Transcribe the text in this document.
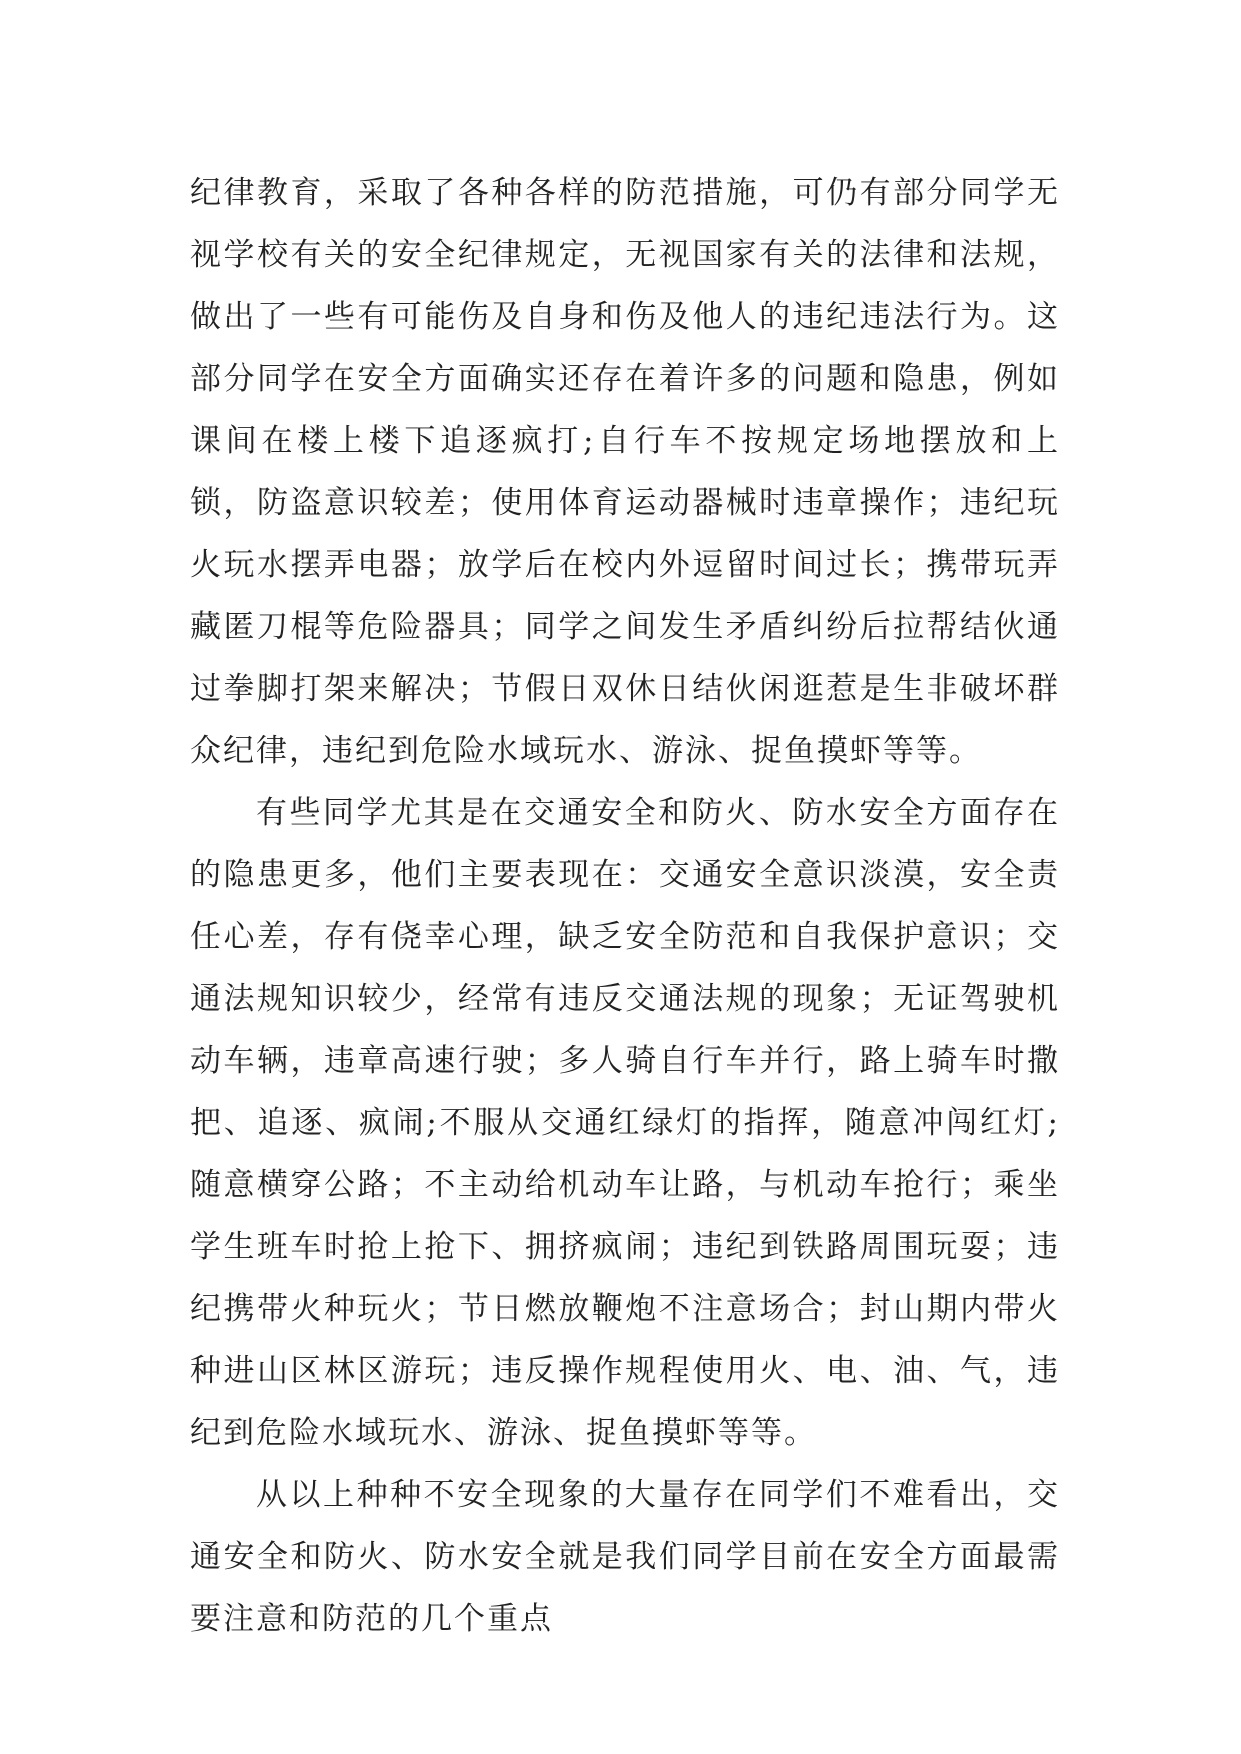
纪律教育，采取了各种各样的防范措施，可仍有部分同学无视学校有关的安全纪律规定，无视国家有关的法律和法规，做出了一些有可能伤及自身和伤及他人的违纪违法行为。这部分同学在安全方面确实还存在着许多的问题和隐患，例如课间在楼上楼下追逐疯打;自行车不按规定场地摆放和上锁，防盗意识较差；使用体育运动器械时违章操作；违纪玩火玩水摆弄电器；放学后在校内外逗留时间过长；携带玩弄藏匿刀棍等危险器具；同学之间发生矛盾纠纷后拉帮结伙通过拳脚打架来解决；节假日双休日结伙闲逛惹是生非破坏群众纪律，违纪到危险水域玩水、游泳、捉鱼摸虾等等。

有些同学尤其是在交通安全和防火、防水安全方面存在的隐患更多，他们主要表现在：交通安全意识淡漠，安全责任心差，存有侥幸心理，缺乏安全防范和自我保护意识；交通法规知识较少，经常有违反交通法规的现象；无证驾驶机动车辆，违章高速行驶；多人骑自行车并行，路上骑车时撒把、追逐、疯闹;不服从交通红绿灯的指挥，随意冲闯红灯;随意横穿公路；不主动给机动车让路，与机动车抢行；乘坐学生班车时抢上抢下、拥挤疯闹；违纪到铁路周围玩耍；违纪携带火种玩火；节日燃放鞭炮不注意场合；封山期内带火种进山区林区游玩；违反操作规程使用火、电、油、气，违纪到危险水域玩水、游泳、捉鱼摸虾等等。

从以上种种不安全现象的大量存在同学们不难看出，交通安全和防火、防水安全就是我们同学目前在安全方面最需要注意和防范的几个重点
